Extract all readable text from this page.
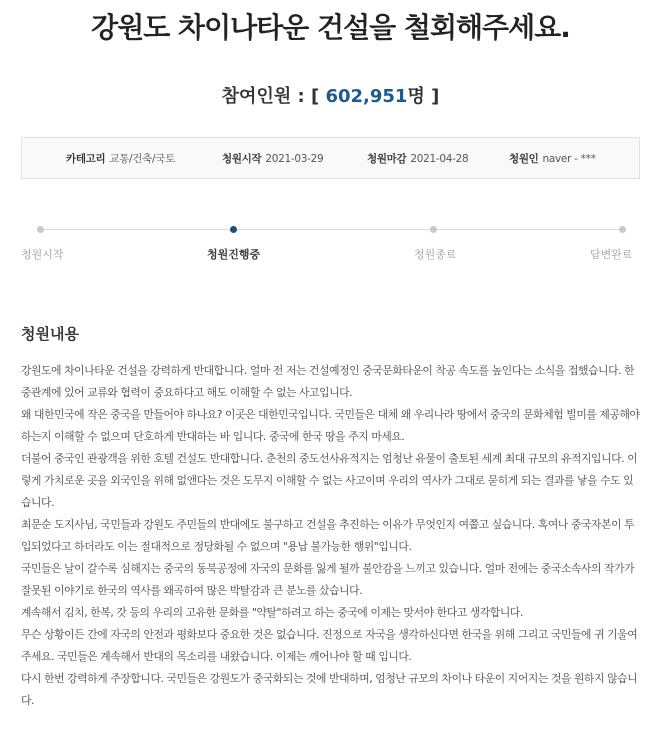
강원도 차이나타운 건설을 철회해주세요.
참여인원 : [ 602,951명 ]
카테고리 교통/건축/국토	청원시작 2021-03-29	청원마감 2021-04-28	청원인 naver - ***
청원시작	청원진행중	청원종료	답변완료
청원내용

강원도에 차이나타운 건설을 강력하게 반대합니다. 얼마 전 저는 건설예정인 중국문화타운이 착공 속도를 높인다는 소식을 접했습니다. 한중관계에 있어 교류와 협력이 중요하다고 해도 이해할 수 없는 사고입니다.

왜 대한민국에 작은 중국을 만들어야 하나요? 이곳은 대한민국입니다. 국민들은 대체 왜 우리나라 땅에서 중국의 문화체험 빌미를 제공해야 하는지 이해할 수 없으며 단호하게 반대하는 바 입니다. 중국에 한국 땅을 주지 마세요.

더불어 중국인 관광객을 위한 호텔 건설도 반대합니다. 춘천의 중도선사유적지는 엄청난 유물이 출토된 세계 최대 규모의 유적지입니다. 이렇게 가치로운 곳을 외국인을 위해 없앤다는 것은 도무지 이해할 수 없는 사고이며 우리의 역사가 그대로 묻히게 되는 결과를 낳을 수도 있습니다.

최문순 도지사님, 국민들과 강원도 주민들의 반대에도 불구하고 건설을 추진하는 이유가 무엇인지 여쭙고 싶습니다. 혹여나 중국자본이 투입되었다고 하더라도 이는 절대적으로 정당화될 수 없으며 "용납 불가능한 행위"입니다.

국민들은 날이 갈수록 심해지는 중국의 동북공정에 자국의 문화를 잃게 될까 불안감을 느끼고 있습니다. 얼마 전에는 중국소속사의 작가가 잘못된 이야기로 한국의 역사를 왜곡하여 많은 박탈감과 큰 분노를 샀습니다.

계속해서 김치, 한복, 갓 등의 우리의 고유한 문화를 "약탈"하려고 하는 중국에 이제는 맞서야 한다고 생각합니다.

무슨 상황이든 간에 자국의 안전과 평화보다 중요한 것은 없습니다. 진정으로 자국을 생각하신다면 한국을 위해 그리고 국민들에 귀 기울여주세요. 국민들은 계속해서 반대의 목소리를 내왔습니다. 이제는 깨어나야 할 때 입니다.

다시 한번 강력하게 주장합니다. 국민들은 강원도가 중국화되는 것에 반대하며, 엄청난 규모의 차이나 타운이 지어지는 것을 원하지 않습니다.
